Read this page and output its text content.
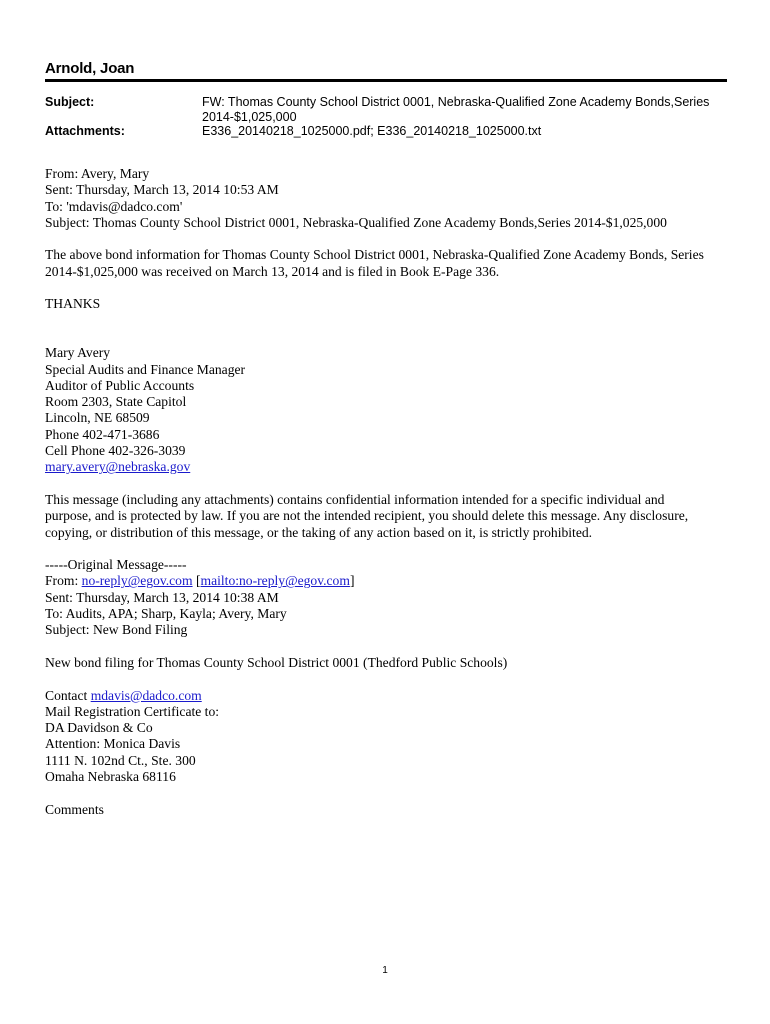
Arnold, Joan
Subject:	FW: Thomas County School District 0001, Nebraska-Qualified Zone Academy Bonds,Series
2014-$1,025,000
Attachments:	E336_20140218_1025000.pdf; E336_20140218_1025000.txt

From: Avery, Mary

Sent: Thursday, March 13, 2014 10:53 AM

To: 'mdavis@dadco.com'

Subject: Thomas County School District 0001, Nebraska-Qualified Zone Academy Bonds,Series 2014-$1,025,000

The above bond information for Thomas County School District 0001, Nebraska-Qualified Zone Academy Bonds, Series

2014-$1,025,000 was received on March 13, 2014 and is filed in Book E-Page 336.

THANKS

Mary Avery

Special Audits and Finance Manager

Auditor of Public Accounts

Room 2303, State Capitol

Lincoln, NE 68509

Phone 402-471-3686

Cell Phone 402-326-3039

mary.avery@nebraska.gov

This message (including any attachments) contains confidential information intended for a specific individual and

purpose, and is protected by law. If you are not the intended recipient, you should delete this message. Any disclosure,

copying, or distribution of this message, or the taking of any action based on it, is strictly prohibited.

-----Original Message-----

From: no-reply@egov.com [mailto:no-reply@egov.com]

Sent: Thursday, March 13, 2014 10:38 AM

To: Audits, APA; Sharp, Kayla; Avery, Mary

Subject: New Bond Filing

New bond filing for Thomas County School District 0001 (Thedford Public Schools)

Contact mdavis@dadco.com

Mail Registration Certificate to:

DA Davidson & Co

Attention: Monica Davis

1111 N. 102nd Ct., Ste. 300

Omaha Nebraska 68116

Comments

1
